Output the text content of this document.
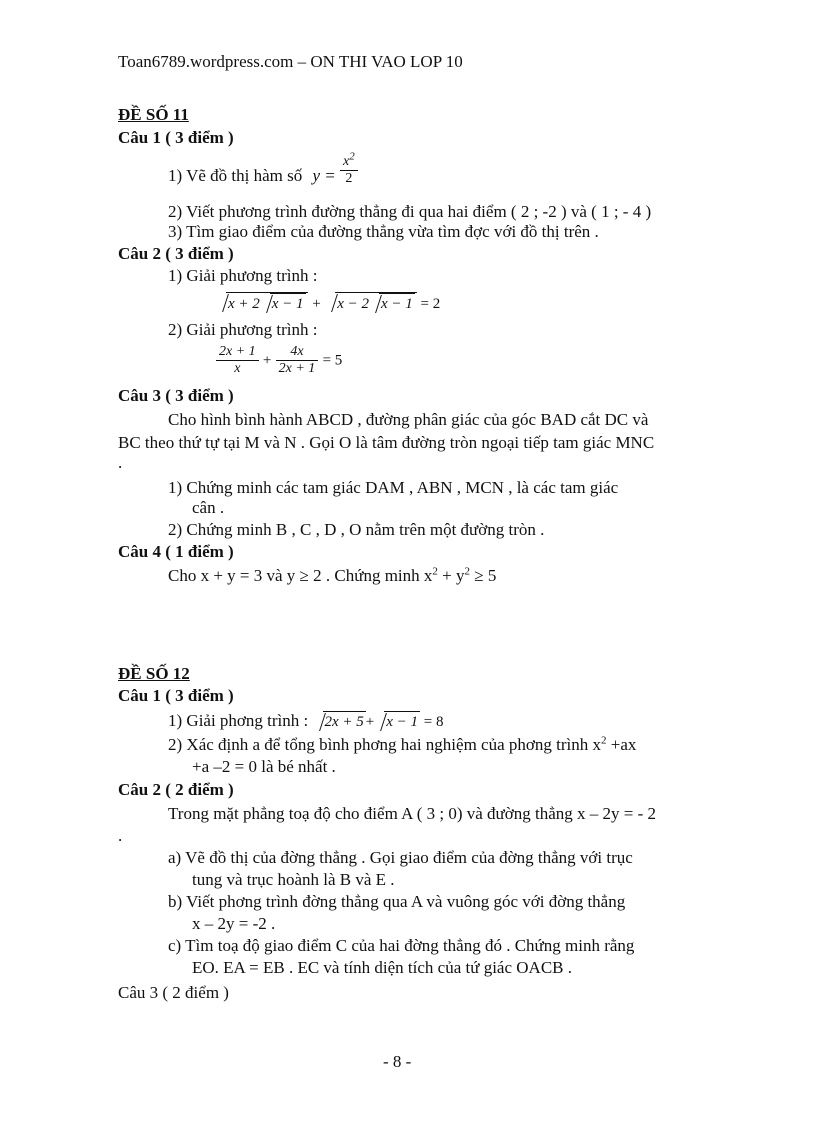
Toan6789.wordpress.com – ON THI VAO LOP 10
ĐỀ SỐ 11
Câu 1 ( 3 điểm )
1) Vẽ đồ thị hàm số $y = \frac{x^2}{2}$
2) Viết phương trình đường thẳng đi qua hai điểm ( 2 ; -2 ) và ( 1 ; - 4 )
3) Tìm giao điểm của đường thẳng vừa tìm đợc với đồ thị trên .
Câu 2 ( 3 điểm )
1) Giải phương trình :
x + 2 x − 1 + x − 2 x − 1 = 2
2) Giải phương trình :
$\frac{2x + 1}{x} + \frac{4x}{2x + 1} = 5$
Câu 3 ( 3 điểm )
Cho hình bình hành ABCD , đường phân giác của góc BAD cắt DC và
BC theo thứ tự tại M và N . Gọi O là tâm đường tròn ngoại tiếp tam giác MNC
.
1) Chứng minh các tam giác DAM , ABN , MCN , là các tam giác
cân .
2) Chứng minh B , C , D , O nằm trên một đường tròn .
Câu 4 ( 1 điểm )
Cho x + y = 3 và y ≥ 2 . Chứng minh $x^2 + y^2 \ge 5$
ĐỀ SỐ 12
Câu 1 ( 3 điểm )
1) Giải phơng trình : 2x + 5 + x − 1 = 8
2) Xác định a để tổng bình phơng hai nghiệm của phơng trình $x^2 +ax$
+a –2 = 0 là bé nhất .
Câu 2 ( 2 điểm )
Trong mặt phẳng toạ độ cho điểm A ( 3 ; 0) và đường thẳng x – 2y = - 2
.
a) Vẽ đồ thị của đờng thẳng . Gọi giao điểm của đờng thẳng với trục
tung và trục hoành là B và E .
b) Viết phơng trình đờng thẳng qua A và vuông góc với đờng thẳng
x – 2y = -2 .
c) Tìm toạ độ giao điểm C của hai đờng thẳng đó . Chứng minh rằng
EO. EA = EB . EC và tính diện tích của tứ giác OACB .
Câu 3 ( 2 điểm )
- 8 -
